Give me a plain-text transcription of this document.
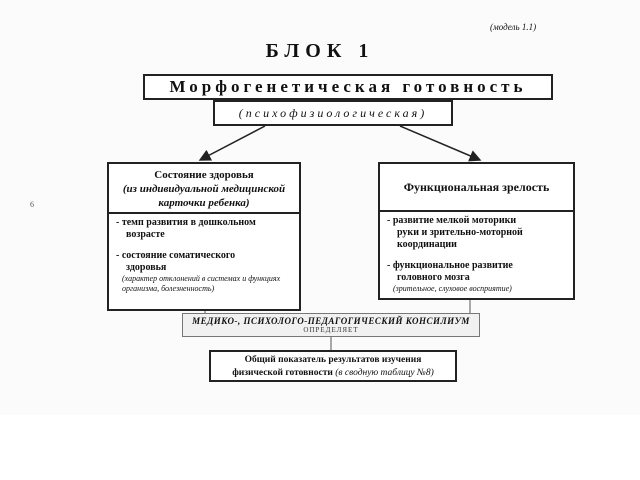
6
(модель 1.1)
БЛОК 1
Морфогенетическая готовность
(психофизиологическая)
Состояние здоровья
(из индивидуальной медицинской карточки ребенка)
- темп развития в дошкольном
возрасте
- состояние соматического
здоровья
(характер отклонений в системах и функциях организма, болезненность)
Функциональная зрелость
- развитие мелкой моторики
руки и зрительно-моторной
координации
- функциональное развитие
головного мозга
(зрительное, слуховое восприятие)
МЕДИКО-, ПСИХОЛОГО-ПЕДАГОГИЧЕСКИЙ КОНСИЛИУМ
ОПРЕДЕЛЯЕТ
Общий показатель результатов изучения
физической готовности (в сводную таблицу №8)
